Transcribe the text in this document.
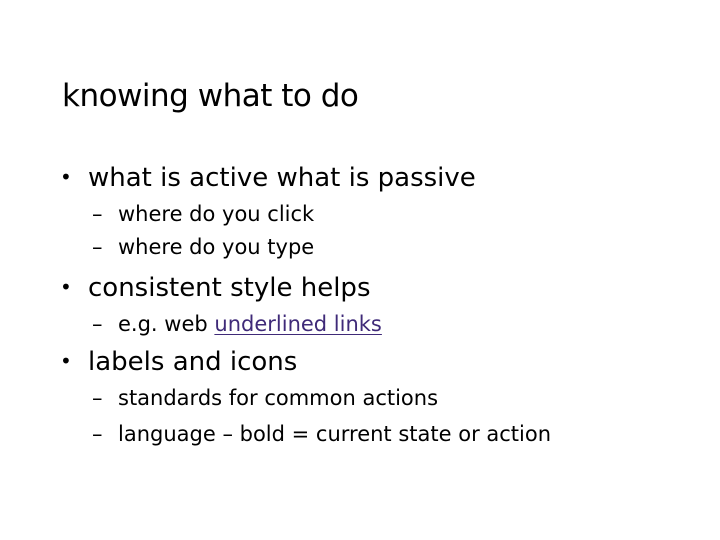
knowing what to do
• what is active what is passive
– where do you click
– where do you type
• consistent style helps
– e.g. web underlined links
• labels and icons
– standards for common actions
– language – bold = current state or action
